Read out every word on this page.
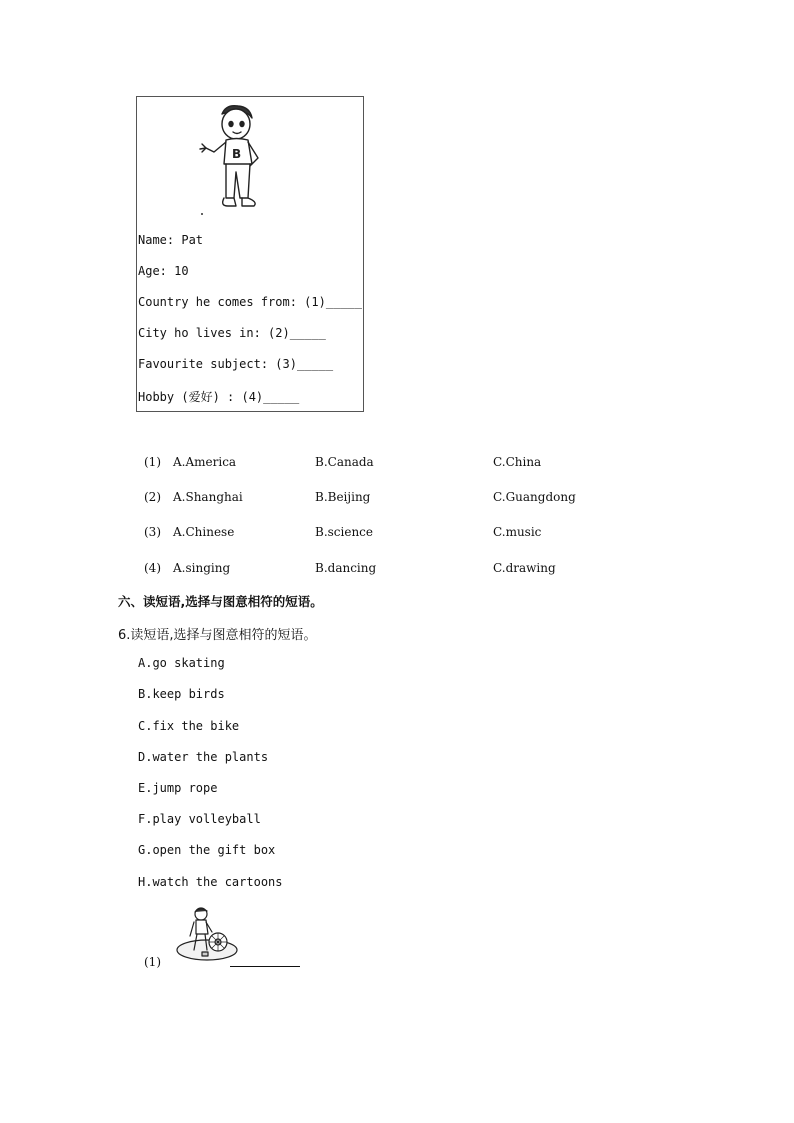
B
Name: Pat
Age: 10
Country he comes from: (1)_____
City ho lives in: (2)_____
Favourite subject: (3)_____
Hobby (爱好) : (4)_____
(1) A.America	B.Canada	C.China
(2) A.Shanghai	B.Beijing	C.Guangdong
(3) A.Chinese	B.science	C.music
(4) A.singing	B.dancing	C.drawing
六、读短语,选择与图意相符的短语。
6.读短语,选择与图意相符的短语。
A.go skating
B.keep birds
C.fix the bike
D.water the plants
E.jump rope
F.play volleyball
G.open the gift box
H.watch the cartoons
(1)
